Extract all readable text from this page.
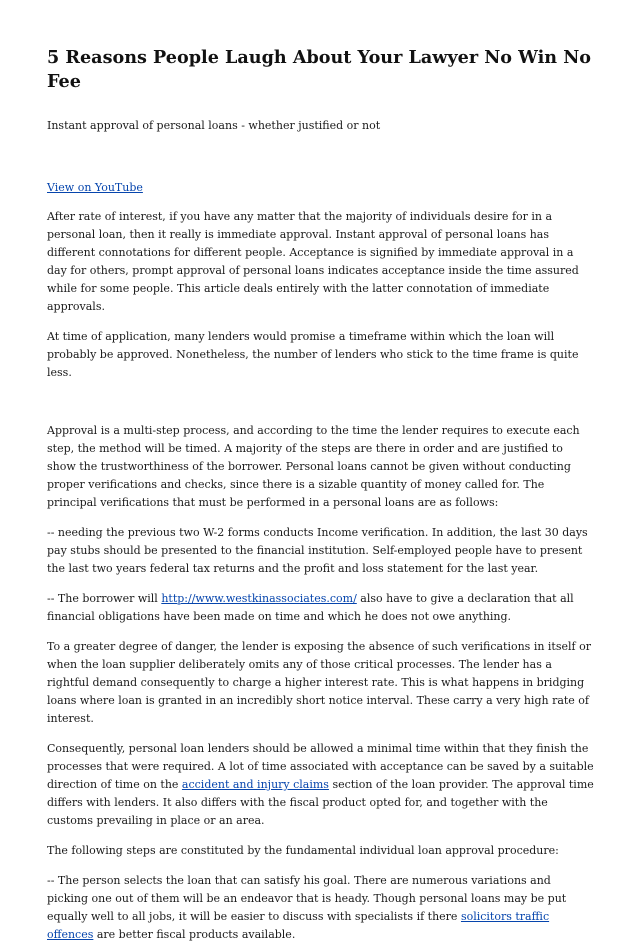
5 Reasons People Laugh About Your Lawyer No Win No Fee

Instant approval of personal loans - whether justified or not

View on YouTube

After rate of interest, if you have any matter that the majority of individuals desire for in a personal loan, then it really is immediate approval. Instant approval of personal loans has different connotations for different people. Acceptance is signified by immediate approval in a day for others, prompt approval of personal loans indicates acceptance inside the time assured while for some people. This article deals entirely with the latter connotation of immediate approvals.

At time of application, many lenders would promise a timeframe within which the loan will probably be approved. Nonetheless, the number of lenders who stick to the time frame is quite less.

Approval is a multi-step process, and according to the time the lender requires to execute each step, the method will be timed. A majority of the steps are there in order and are justified to show the trustworthiness of the borrower. Personal loans cannot be given without conducting proper verifications and checks, since there is a sizable quantity of money called for. The principal verifications that must be performed in a personal loans are as follows:

-- needing the previous two W-2 forms conducts Income verification. In addition, the last 30 days pay stubs should be presented to the financial institution. Self-employed people have to present the last two years federal tax returns and the profit and loss statement for the last year.

-- The borrower will http://www.westkinassociates.com/ also have to give a declaration that all financial obligations have been made on time and which he does not owe anything.

To a greater degree of danger, the lender is exposing the absence of such verifications in itself or when the loan supplier deliberately omits any of those critical processes. The lender has a rightful demand consequently to charge a higher interest rate. This is what happens in bridging loans where loan is granted in an incredibly short notice interval. These carry a very high rate of interest.

Consequently, personal loan lenders should be allowed a minimal time within that they finish the processes that were required. A lot of time associated with acceptance can be saved by a suitable direction of time on the accident and injury claims section of the loan provider. The approval time differs with lenders. It also differs with the fiscal product opted for, and together with the customs prevailing in place or an area.

The following steps are constituted by the fundamental individual loan approval procedure:

-- The person selects the loan that can satisfy his goal. There are numerous variations and picking one out of them will be an endeavor that is heady. Though personal loans may be put equally well to all jobs, it will be easier to discuss with specialists if there solicitors traffic offences are better fiscal products available.
